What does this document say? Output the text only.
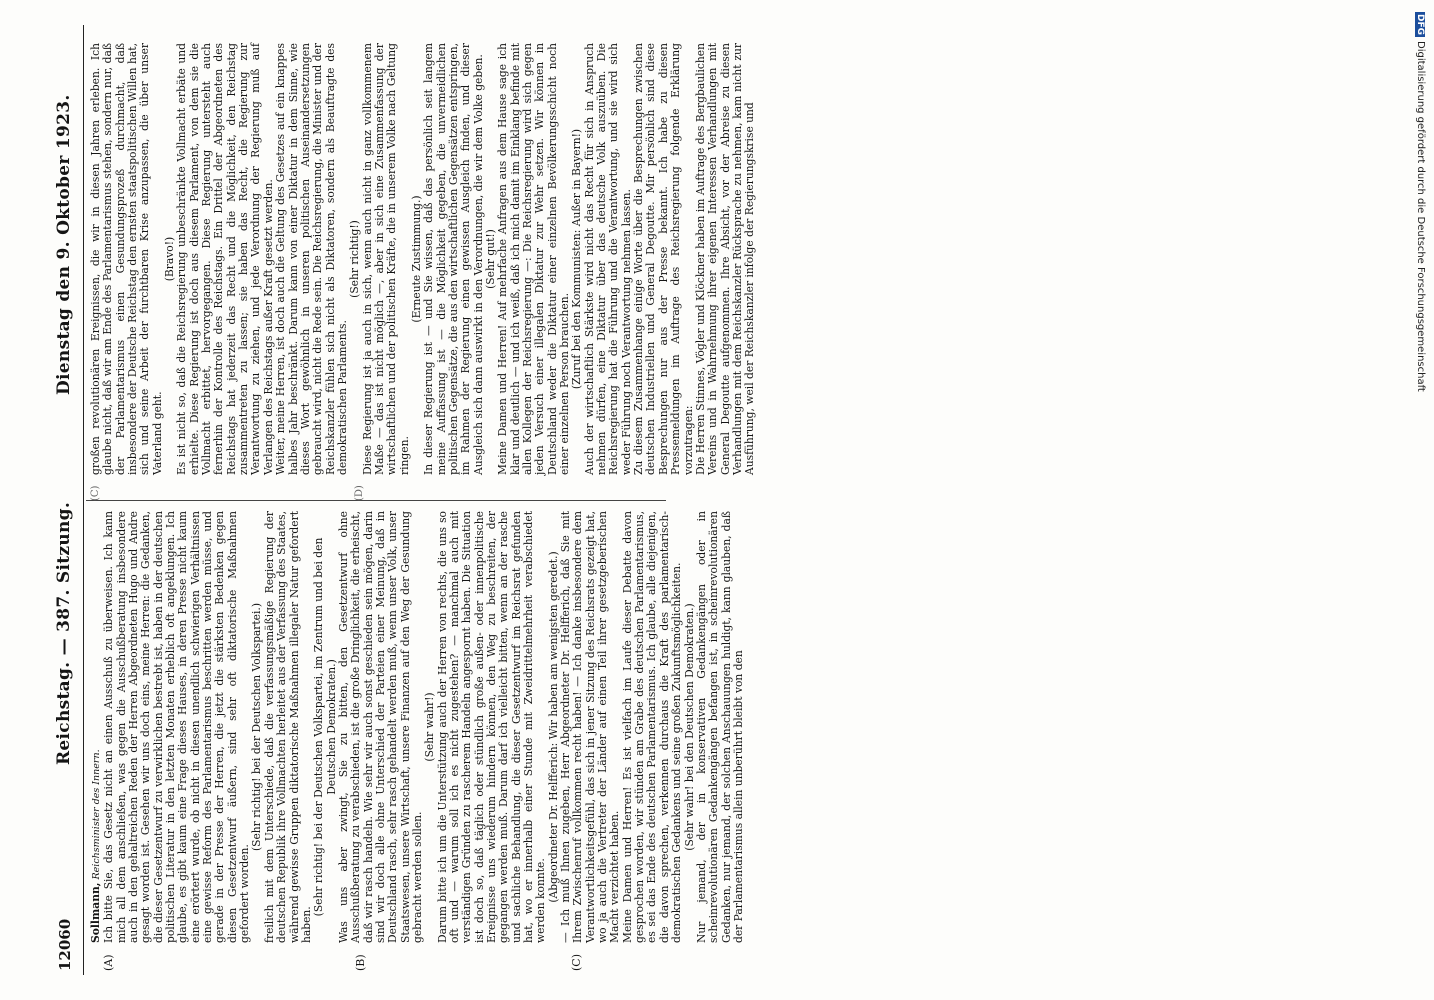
12060
Reichstag. — 387. Sitzung.
Dienstag den 9. Oktober 1923.
(A)	(B)	(C)

Sollmann, Reichsminister des Innern. Ich bitte Sie, das Gesetz nicht an einen Ausschuß zu überweisen. Ich kann mich all dem anschließen, was gegen die Ausschußberatung insbesondere auch in den gehaltreichen Reden der Herren Abgeordneten Hugo und Andre gesagt worden ist. Gesehen wir uns doch eins, meine Herren: die Gedanken, die dieser Gesetzentwurf zu verwirklichen bestrebt ist, haben in der deutschen politischen Literatur in den letzten Monaten erheblich oft angeklungen. Ich glaube, es gibt kaum eine Frage dieses Hauses, in deren Presse nicht kaum eine erörtert wurde, ob nicht in diesen unendlich schwierigen Verhältnissen eine gewisse Reform des Parlamentarismus beschritten werden müsse, und gerade in der Presse der Herren, die jetzt die stärksten Bedenken gegen diesen Gesetzentwurf äußern, sind sehr oft diktatorische Maßnahmen gefordert worden.

(Sehr richtig! bei der Deutschen Volkspartei.) freilich mit dem Unterschiede, daß die verfassungsmäßige Regierung der deutschen Republik ihre Vollmachten herleitet aus der Verfassung des Staates, während gewisse Gruppen diktatorische Maßnahmen illegaler Natur gefordert haben.

(Sehr richtig! bei der Deutschen Volkspartei, im Zentrum und bei den Deutschen Demokraten.) Was uns aber zwingt, Sie zu bitten, den Gesetzentwurf ohne Ausschußberatung zu verabschieden, ist die große Dringlichkeit, die erheischt, daß wir rasch handeln. Wie sehr wir auch sonst geschieden sein mögen, darin sind wir doch alle ohne Unterschied der Parteien einer Meinung, daß in Deutschland rasch, sehr rasch gehandelt werden muß, wenn unser Volk, unser Staatswesen, unsere Wirtschaft, unsere Finanzen auf den Weg der Gesundung gebracht werden sollen.

(Sehr wahr!) Darum bitte ich um die Unterstützung auch der Herren von rechts, die uns so oft und — warum soll ich es nicht zugestehen? — manchmal auch mit verständigen Gründen zu rascherem Handeln angespornt haben. Die Situation ist doch so, daß täglich oder stündlich große außen- oder innenpolitische Ereignisse uns wiederum hindern können, den Weg zu beschreiten, der gegangen werden muß. Darum darf ich vielleicht bitten, wenn an der rasche und sachliche Behandlung, die dieser Gesetzentwurf im Reichsrat gefunden hat, wo er innerhalb einer Stunde mit Zweidrittelmehrheit verabschiedet werden konnte. (Abgeordneter Dr. Helfferich: Wir haben am wenigsten geredet.) — Ich muß Ihnen zugeben, Herr Abgeordneter Dr. Helfferich, daß Sie mit Ihrem Zwischenruf vollkommen recht haben! — Ich danke insbesondere dem Verantwortlichkeitsgefühl, das sich in jener Sitzung des Reichsrats gezeigt hat, wo ja auch die Vertreter der Länder auf einen Teil ihrer gesetzgeberischen Macht verzichtet haben. Meine Damen und Herren! Es ist vielfach im Laufe dieser Debatte davon gesprochen worden, wir stünden am Grabe des deutschen Parlamentarismus, es sei das Ende des deutschen Parlamentarismus. Ich glaube, alle diejenigen, die davon sprechen, verkennen durchaus die Kraft des parlamentarisch-demokratischen Gedankens und seine großen Zukunftsmöglichkeiten. (Sehr wahr! bei den Deutschen Demokraten.) Nur jemand, der in konservativen Gedankengängen oder in scheinrevolutionären Gedankengängen befangen ist, in scheinrevolutionären Gedanken, nur jemand, der solchen Anschauungen huldigt, kann glauben, daß der Parlamentarismus allein unberührt bleibt von den

(C)	(D)

großen revolutionären Ereignissen, die wir in diesen Jahren erleben. Ich glaube nicht, daß wir am Ende des Parlamentarismus stehen, sondern nur, daß der Parlamentarismus einen Gesundungsprozeß durchmacht, daß insbesondere der Deutsche Reichstag den ernsten staatspolitischen Willen hat, sich und seine Arbeit der furchtbaren Krise anzupassen, die über unser Vaterland geht.

(Bravo!) Es ist nicht so, daß die Reichsregierung unbeschränkte Vollmacht erbäte und erhielte. Diese Regierung ist doch aus diesem Parlament, von dem sie die Vollmacht erbittet, hervorgegangen. Diese Regierung untersteht auch fernerhin der Kontrolle des Reichstags. Ein Drittel der Abgeordneten des Reichstags hat jederzeit das Recht und die Möglichkeit, den Reichstag zusammentreten zu lassen; sie haben das Recht, die Regierung zur Verantwortung zu ziehen, und jede Verordnung der Regierung muß auf Verlangen des Reichstags außer Kraft gesetzt werden. Weiter, meine Herren, ist doch auch die Geltung des Gesetzes auf ein knappes halbes Jahr beschränkt. Darum kann von einer Diktatur in dem Sinne, wie dieses Wort gewöhnlich in unseren politischen Auseinandersetzungen gebraucht wird, nicht die Rede sein. Die Reichsregierung, die Minister und der Reichskanzler fühlen sich nicht als Diktatoren, sondern als Beauftragte des demokratischen Parlaments.

(Sehr richtig!) Diese Regierung ist ja auch in sich, wenn auch nicht in ganz vollkommenem Maße — das ist nicht möglich —, aber in sich eine Zusammenfassung der wirtschaftlichen und der politischen Kräfte, die in unserem Volke nach Geltung ringen.

(Erneute Zustimmung.) In dieser Regierung ist — und Sie wissen, daß das persönlich seit langem meine Auffassung ist — die Möglichkeit gegeben, die unvermeidlichen politischen Gegensätze, die aus den wirtschaftlichen Gegensätzen entspringen, im Rahmen der Regierung einen gewissen Ausgleich finden, und dieser Ausgleich sich dann auswirkt in den Verordnungen, die wir dem Volke geben. (Sehr gut!) Meine Damen und Herren! Auf mehrfache Anfragen aus dem Hause sage ich klar und deutlich — und ich weiß, daß ich mich damit im Einklang befinde mit allen Kollegen der Reichsregierung —: Die Reichsregierung wird sich gegen jeden Versuch einer illegalen Diktatur zur Wehr setzen. Wir können in Deutschland weder die Diktatur einer einzelnen Bevölkerungsschicht noch einer einzelnen Person brauchen. (Zuruf bei den Kommunisten: Außer in Bayern!) Auch der wirtschaftlich Stärkste wird nicht das Recht für sich in Anspruch nehmen dürfen, eine Diktatur über das deutsche Volk auszuüben. Die Reichsregierung hat die Führung und die Verantwortung, und sie wird sich weder Führung noch Verantwortung nehmen lassen. Zu diesem Zusammenhange einige Worte über die Besprechungen zwischen deutschen Industriellen und General Degoutte. Mir persönlich sind diese Besprechungen nur aus der Presse bekannt. Ich habe zu diesen Pressemeldungen im Auftrage des Reichsregierung folgende Erklärung vorzutragen: Die Herren Stinnes, Vögler und Klöckner haben im Auftrage des Bergbaulichen Vereins und in Wahrnehmung ihrer eigenen Interessen Verhandlungen mit General Degoutte aufgenommen. Ihre Absicht, vor der Abreise zu diesen Verhandlungen mit dem Reichskanzler Rücksprache zu nehmen, kam nicht zur Ausführung, weil der Reichskanzler infolge der Regierungskrise und

DFGDigitalisierung gefördert durch die Deutsche Forschungsgemeinschaft
